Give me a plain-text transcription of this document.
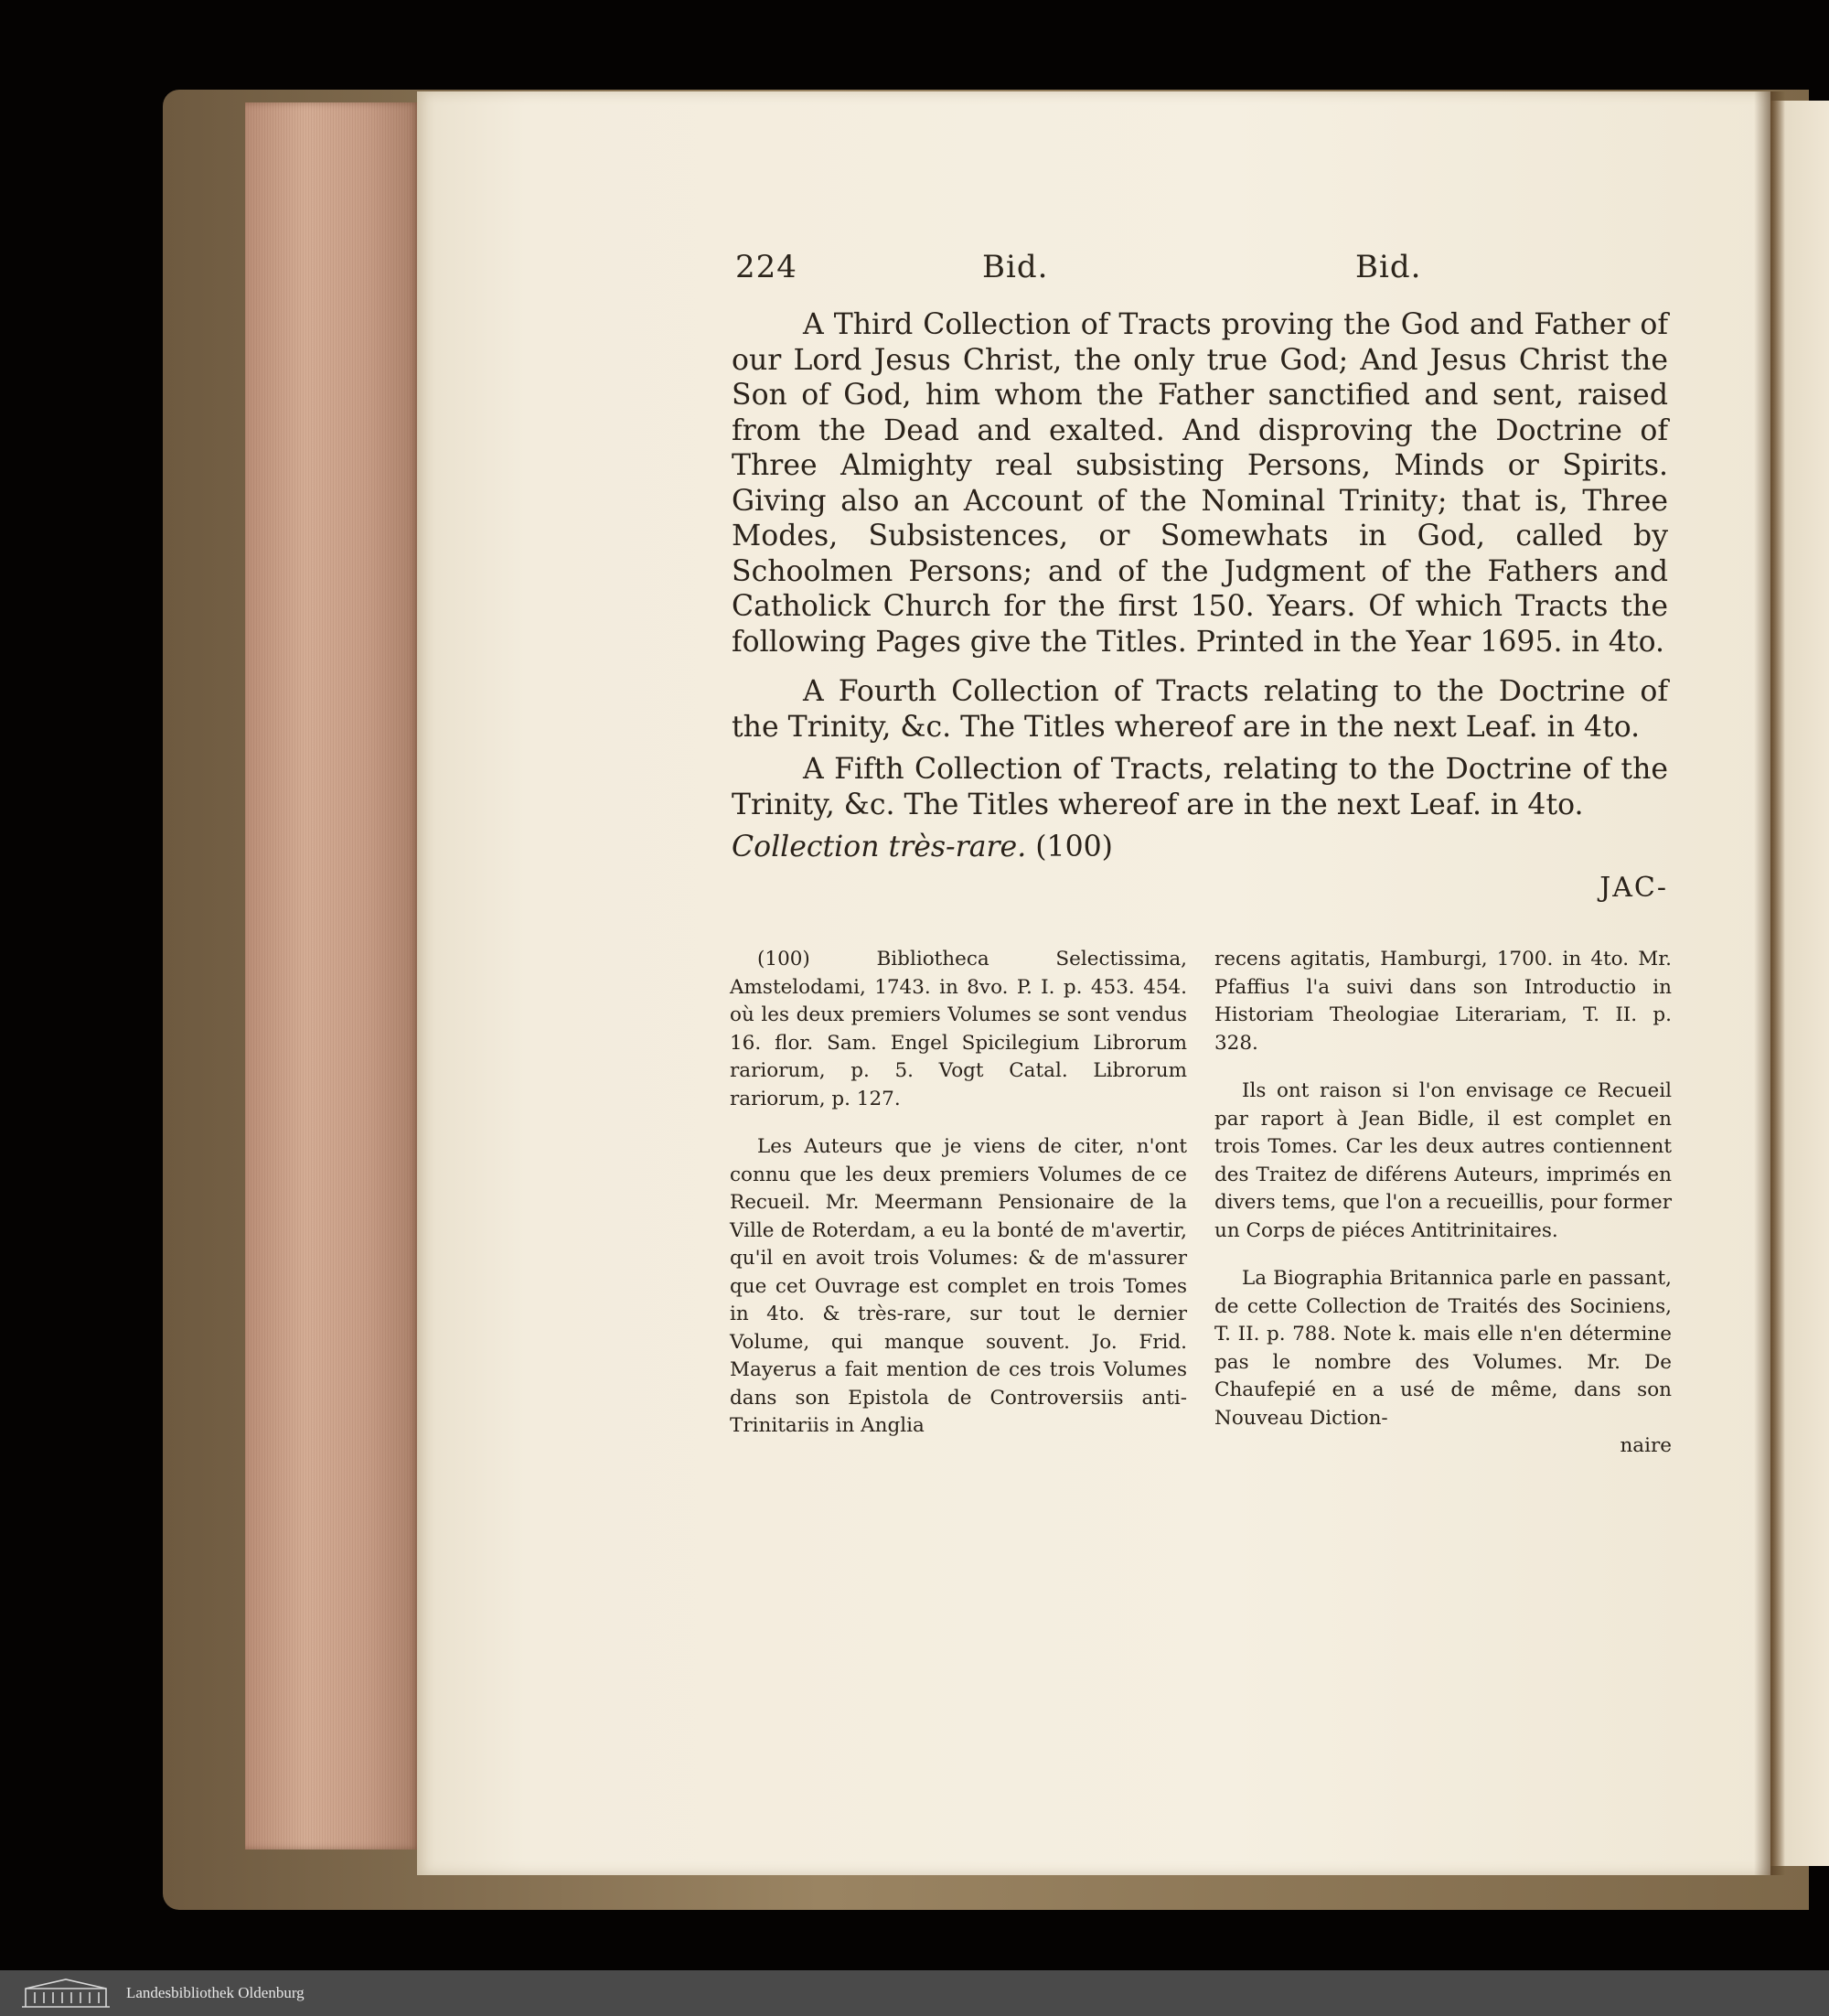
224	Bid.	Bid.

A Third Collection of Tracts proving the God and Father of our Lord Jesus Christ, the only true God; And Jesus Christ the Son of God, him whom the Father sanctified and sent, raised from the Dead and exalted. And disproving the Doctrine of Three Almighty real subsisting Persons, Minds or Spirits. Giving also an Account of the Nominal Trinity; that is, Three Modes, Subsistences, or Somewhats in God, called by Schoolmen Persons; and of the Judgment of the Fathers and Catholick Church for the first 150. Years. Of which Tracts the following Pages give the Titles. Printed in the Year 1695. in 4to.

A Fourth Collection of Tracts relating to the Doctrine of the Trinity, &c. The Titles whereof are in the next Leaf. in 4to.

A Fifth Collection of Tracts, relating to the Doctrine of the Trinity, &c. The Titles whereof are in the next Leaf. in 4to.

Collection très-rare. (100)

JAC-

(100) Bibliotheca Selectissima, Amstelodami, 1743. in 8vo. P. I. p. 453. 454. où les deux premiers Volumes se sont vendus 16. flor. Sam. Engel Spicilegium Librorum rariorum, p. 5. Vogt Catal. Librorum rariorum, p. 127.

Les Auteurs que je viens de citer, n'ont connu que les deux premiers Volumes de ce Recueil. Mr. Meermann Pensionaire de la Ville de Roterdam, a eu la bonté de m'avertir, qu'il en avoit trois Volumes: & de m'assurer que cet Ouvrage est complet en trois Tomes in 4to. & très-rare, sur tout le dernier Volume, qui manque souvent. Jo. Frid. Mayerus a fait mention de ces trois Volumes dans son Epistola de Controversiis anti-Trinitariis in Anglia

recens agitatis, Hamburgi, 1700. in 4to. Mr. Pfaffius l'a suivi dans son Introductio in Historiam Theologiae Literariam, T. II. p. 328.

Ils ont raison si l'on envisage ce Recueil par raport à Jean Bidle, il est complet en trois Tomes. Car les deux autres contiennent des Traitez de diférens Auteurs, imprimés en divers tems, que l'on a recueillis, pour former un Corps de piéces Antitrinitaires.

La Biographia Britannica parle en passant, de cette Collection de Traités des Sociniens, T. II. p. 788. Note k. mais elle n'en détermine pas le nombre des Volumes. Mr. De Chaufepié en a usé de même, dans son Nouveau Diction-

naire

Landesbibliothek Oldenburg
